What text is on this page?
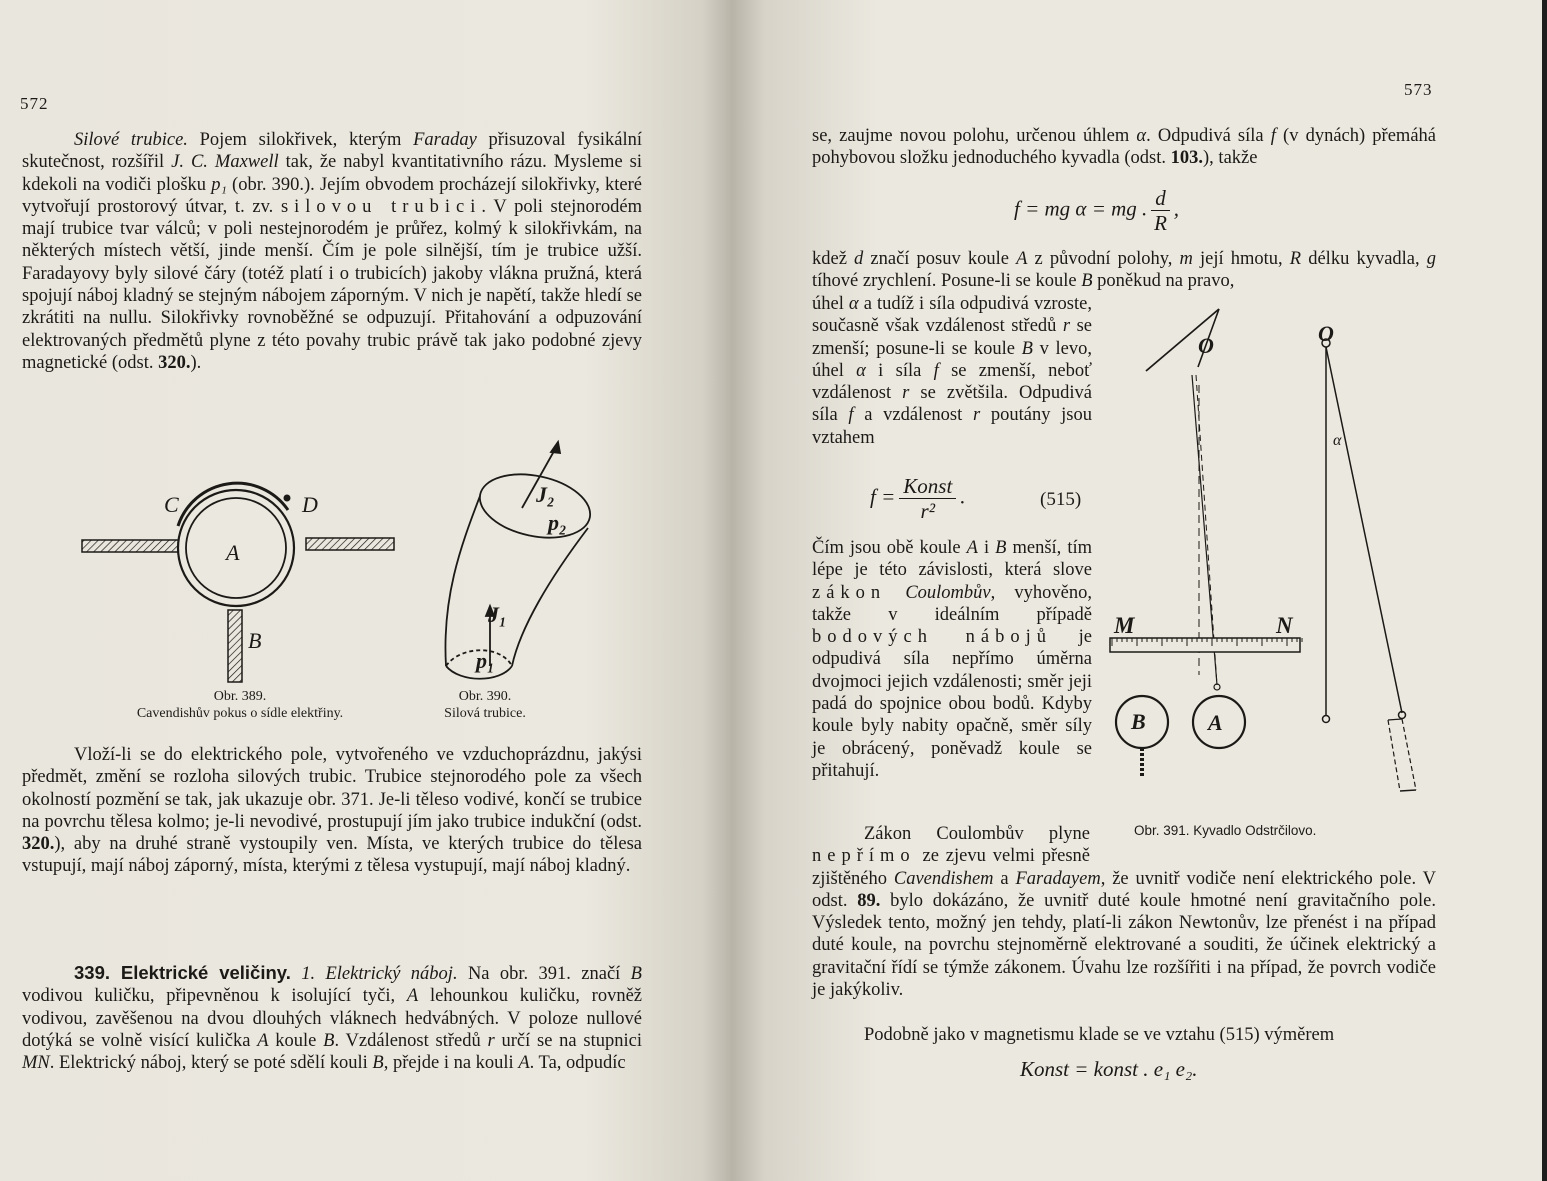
572

Silové trubice. Pojem silokřivek, kterým Faraday přisuzoval fysikální skutečnost, rozšířil J. C. Maxwell tak, že nabyl kvantitativního rázu. Mysleme si kdekoli na vodiči plošku p₁ (obr. 390.). Jejím obvodem procházejí silokřivky, které vytvořují prostorový útvar, t. zv. silovou trubici. V poli stejnorodém mají trubice tvar válců; v poli nestejnorodém je průřez, kolmý k silokřivkám, na některých místech větší, jinde menší. Čím je pole silnější, tím je trubice užší. Faradayovy byly silové čáry (totéž platí i o trubicích) jakoby vlákna pružná, která spojují náboj kladný se stejným nábojem záporným. V nich je napětí, takže hledí se zkrátiti na nullu. Silokřivky rovnoběžné se odpuzují. Přitahování a odpuzování elektrovaných předmětů plyne z této povahy trubic právě tak jako podobné zjevy magnetické (odst. 320.).

C	D
A
B
Obr. 389.
Cavendishův pokus o sídle elektřiny.
J₂
p₂
J₁
p₁
Obr. 390.
Silová trubice.

Vloží-li se do elektrického pole, vytvořeného ve vzduchoprázdnu, jakýsi předmět, změní se rozloha silových trubic. Trubice stejnorodého pole za všech okolností pozmění se tak, jak ukazuje obr. 371. Je-li těleso vodivé, končí se trubice na povrchu tělesa kolmo; je-li nevodivé, prostupují jím jako trubice indukční (odst. 320.), aby na druhé straně vystoupily ven. Místa, ve kterých trubice do tělesa vstupují, mají náboj záporný, místa, kterými z tělesa vystupují, mají náboj kladný.

339. Elektrické veličiny. 1. Elektrický náboj. Na obr. 391. značí B vodivou kuličku, připevněnou k isolující tyči, A lehounkou kuličku, rovněž vodivou, zavěšenou na dvou dlouhých vláknech hedvábných. V poloze nullové dotýká se volně visící kulička A koule B. Vzdálenost středů r určí se na stupnici MN. Elektrický náboj, který se poté sdělí kouli B, přejde i na kouli A. Ta, odpudíc

573

se, zaujme novou polohu, určenou úhlem α. Odpudivá síla f (v dynách) přemáhá pohybovou složku jednoduchého kyvadla (odst. 103.), takže

f = mg α = mg . $\frac{d}{R}$ ,

kdež d značí posuv koule A z původní polohy, m její hmotu, R délku kyvadla, g tíhové zrychlení. Posune-li se koule B poněkud na pravo,

úhel α a tudíž i síla odpudivá vzroste, současně však vzdálenost středů r se zmenší; posune-li se koule B v levo, úhel α i síla f se zmenší, neboť vzdálenost r se zvětšila. Odpudivá síla f a vzdálenost r poutány jsou vztahem

$f = \frac{\text{Konst}}{\text{r²}}$ .	(515)

Čím jsou obě koule A i B menší, tím lépe je této závislosti, která slove zákon Coulombův, vyhověno, takže v ideálním případě bodových nábojů je odpudivá síla nepřímo úměrna dvojmoci jejich vzdálenosti; směr jeji padá do spojnice obou bodů. Kdyby koule byly nabity opačně, směr síly je obrácený, poněvadž koule se přitahují.

O	O
α
M	N
B	A
Obr. 391. Kyvadlo Odstrčilovo.

Zákon Coulombův plyne nepřímo ze zjevu velmi přesně zjištěného Cavendishem a Faradayem, že uvnitř vodiče není elektrického pole. V odst. 89. bylo dokázáno, že uvnitř duté koule hmotné není gravitačního pole. Výsledek tento, možný jen tehdy, platí-li zákon Newtonův, lze přenést i na případ duté koule, na povrchu stejnoměrně elektrované a souditi, že účinek elektrický a gravitační řídí se týmže zákonem. Úvahu lze rozšířiti i na případ, že povrch vodiče je jakýkoliv.

Podobně jako v magnetismu klade se ve vztahu (515) výměrem

Konst = konst . e₁ e₂.
